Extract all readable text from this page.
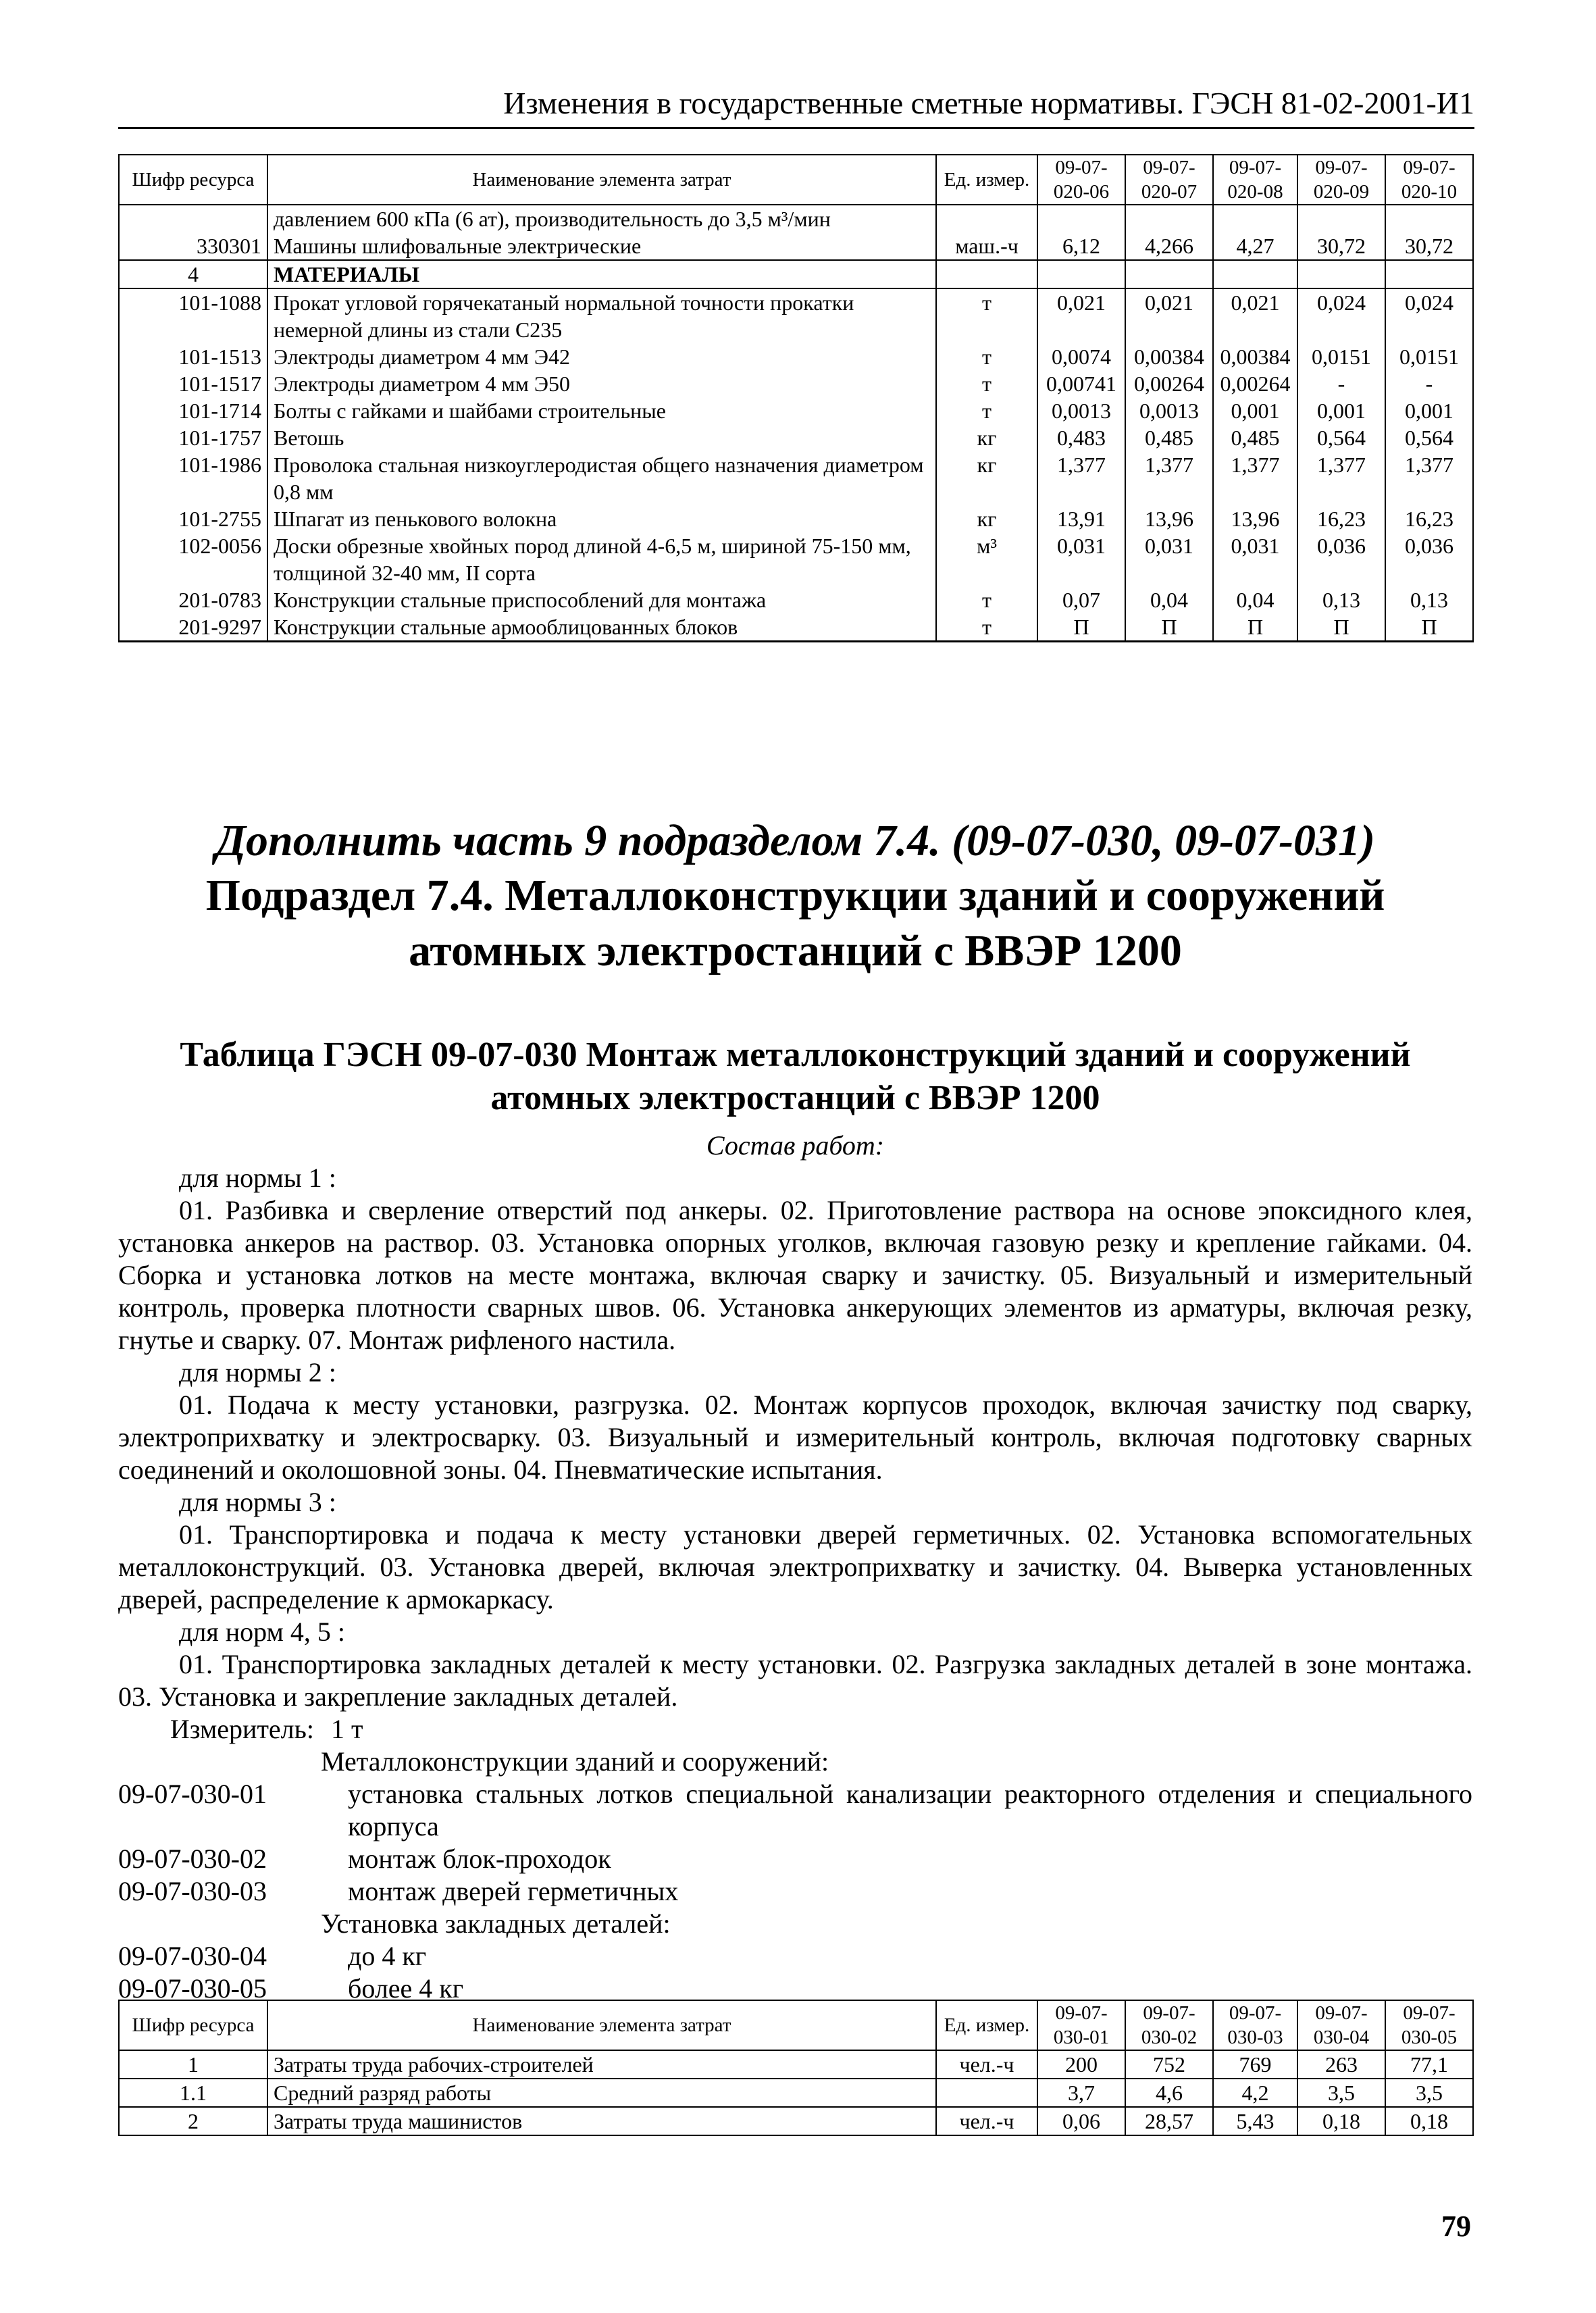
Изменения в государственные сметные нормативы. ГЭСН 81-02-2001-И1
Шифр ресурса	Наименование элемента затрат	Ед. измер.	09-07-020-06	09-07-020-07	09-07-020-08	09-07-020-09	09-07-020-10
	давлением 600 кПа (6 ат), производительность до 3,5 м³/мин						
330301	Машины шлифовальные электрические	маш.-ч	6,12	4,266	4,27	30,72	30,72
4	МАТЕРИАЛЫ						
101-1088	Прокат угловой горячекатаный нормальной точности прокатки немерной длины из стали С235	т	0,021	0,021	0,021	0,024	0,024
101-1513	Электроды диаметром 4 мм Э42	т	0,0074	0,00384	0,00384	0,0151	0,0151
101-1517	Электроды диаметром 4 мм Э50	т	0,00741	0,00264	0,00264	-	-
101-1714	Болты с гайками и шайбами строительные	т	0,0013	0,0013	0,001	0,001	0,001
101-1757	Ветошь	кг	0,483	0,485	0,485	0,564	0,564
101-1986	Проволока стальная низкоуглеродистая общего назначения диаметром 0,8 мм	кг	1,377	1,377	1,377	1,377	1,377
101-2755	Шпагат из пенькового волокна	кг	13,91	13,96	13,96	16,23	16,23
102-0056	Доски обрезные хвойных пород длиной 4-6,5 м, шириной 75-150 мм, толщиной 32-40 мм, II сорта	м³	0,031	0,031	0,031	0,036	0,036
201-0783	Конструкции стальные приспособлений для монтажа	т	0,07	0,04	0,04	0,13	0,13
201-9297	Конструкции стальные армооблицованных блоков	т	П	П	П	П	П
Дополнить часть 9 подразделом 7.4. (09-07-030, 09-07-031)
Подраздел 7.4. Металлоконструкции зданий и сооружений атомных электростанций с ВВЭР 1200
Таблица ГЭСН 09-07-030 Монтаж металлоконструкций зданий и сооружений атомных электростанций с ВВЭР 1200
Состав работ:

для нормы 1 :

01. Разбивка и сверление отверстий под анкеры. 02. Приготовление раствора на основе эпоксидного клея, установка анкеров на раствор. 03. Установка опорных уголков, включая газовую резку и крепление гайками. 04. Сборка и установка лотков на месте монтажа, включая сварку и зачистку. 05. Визуальный и измерительный контроль, проверка плотности сварных швов. 06. Установка анкерующих элементов из арматуры, включая резку, гнутье и сварку. 07. Монтаж рифленого настила.

для нормы 2 :

01. Подача к месту установки, разгрузка. 02. Монтаж корпусов проходок, включая зачистку под сварку, электроприхватку и электросварку. 03. Визуальный и измерительный контроль, включая подготовку сварных соединений и околошовной зоны. 04. Пневматические испытания.

для нормы 3 :

01. Транспортировка и подача к месту установки дверей герметичных. 02. Установка вспомогательных металлоконструкций. 03. Установка дверей, включая электроприхватку и зачистку. 04. Выверка установленных дверей, распределение к армокаркасу.

для норм 4, 5 :

01. Транспортировка закладных деталей к месту установки. 02. Разгрузка закладных деталей в зоне монтажа. 03. Установка и закрепление закладных деталей.

Измеритель: 1 т
Металлоконструкции зданий и сооружений:
09-07-030-01	установка стальных лотков специальной канализации реакторного отделения и специального корпуса
09-07-030-02	монтаж блок-проходок
09-07-030-03	монтаж дверей герметичных
Установка закладных деталей:
09-07-030-04	до 4 кг
09-07-030-05	более 4 кг
Шифр ресурса	Наименование элемента затрат	Ед. измер.	09-07-030-01	09-07-030-02	09-07-030-03	09-07-030-04	09-07-030-05
1	Затраты труда рабочих-строителей	чел.-ч	200	752	769	263	77,1
1.1	Средний разряд работы		3,7	4,6	4,2	3,5	3,5
2	Затраты труда машинистов	чел.-ч	0,06	28,57	5,43	0,18	0,18
79
